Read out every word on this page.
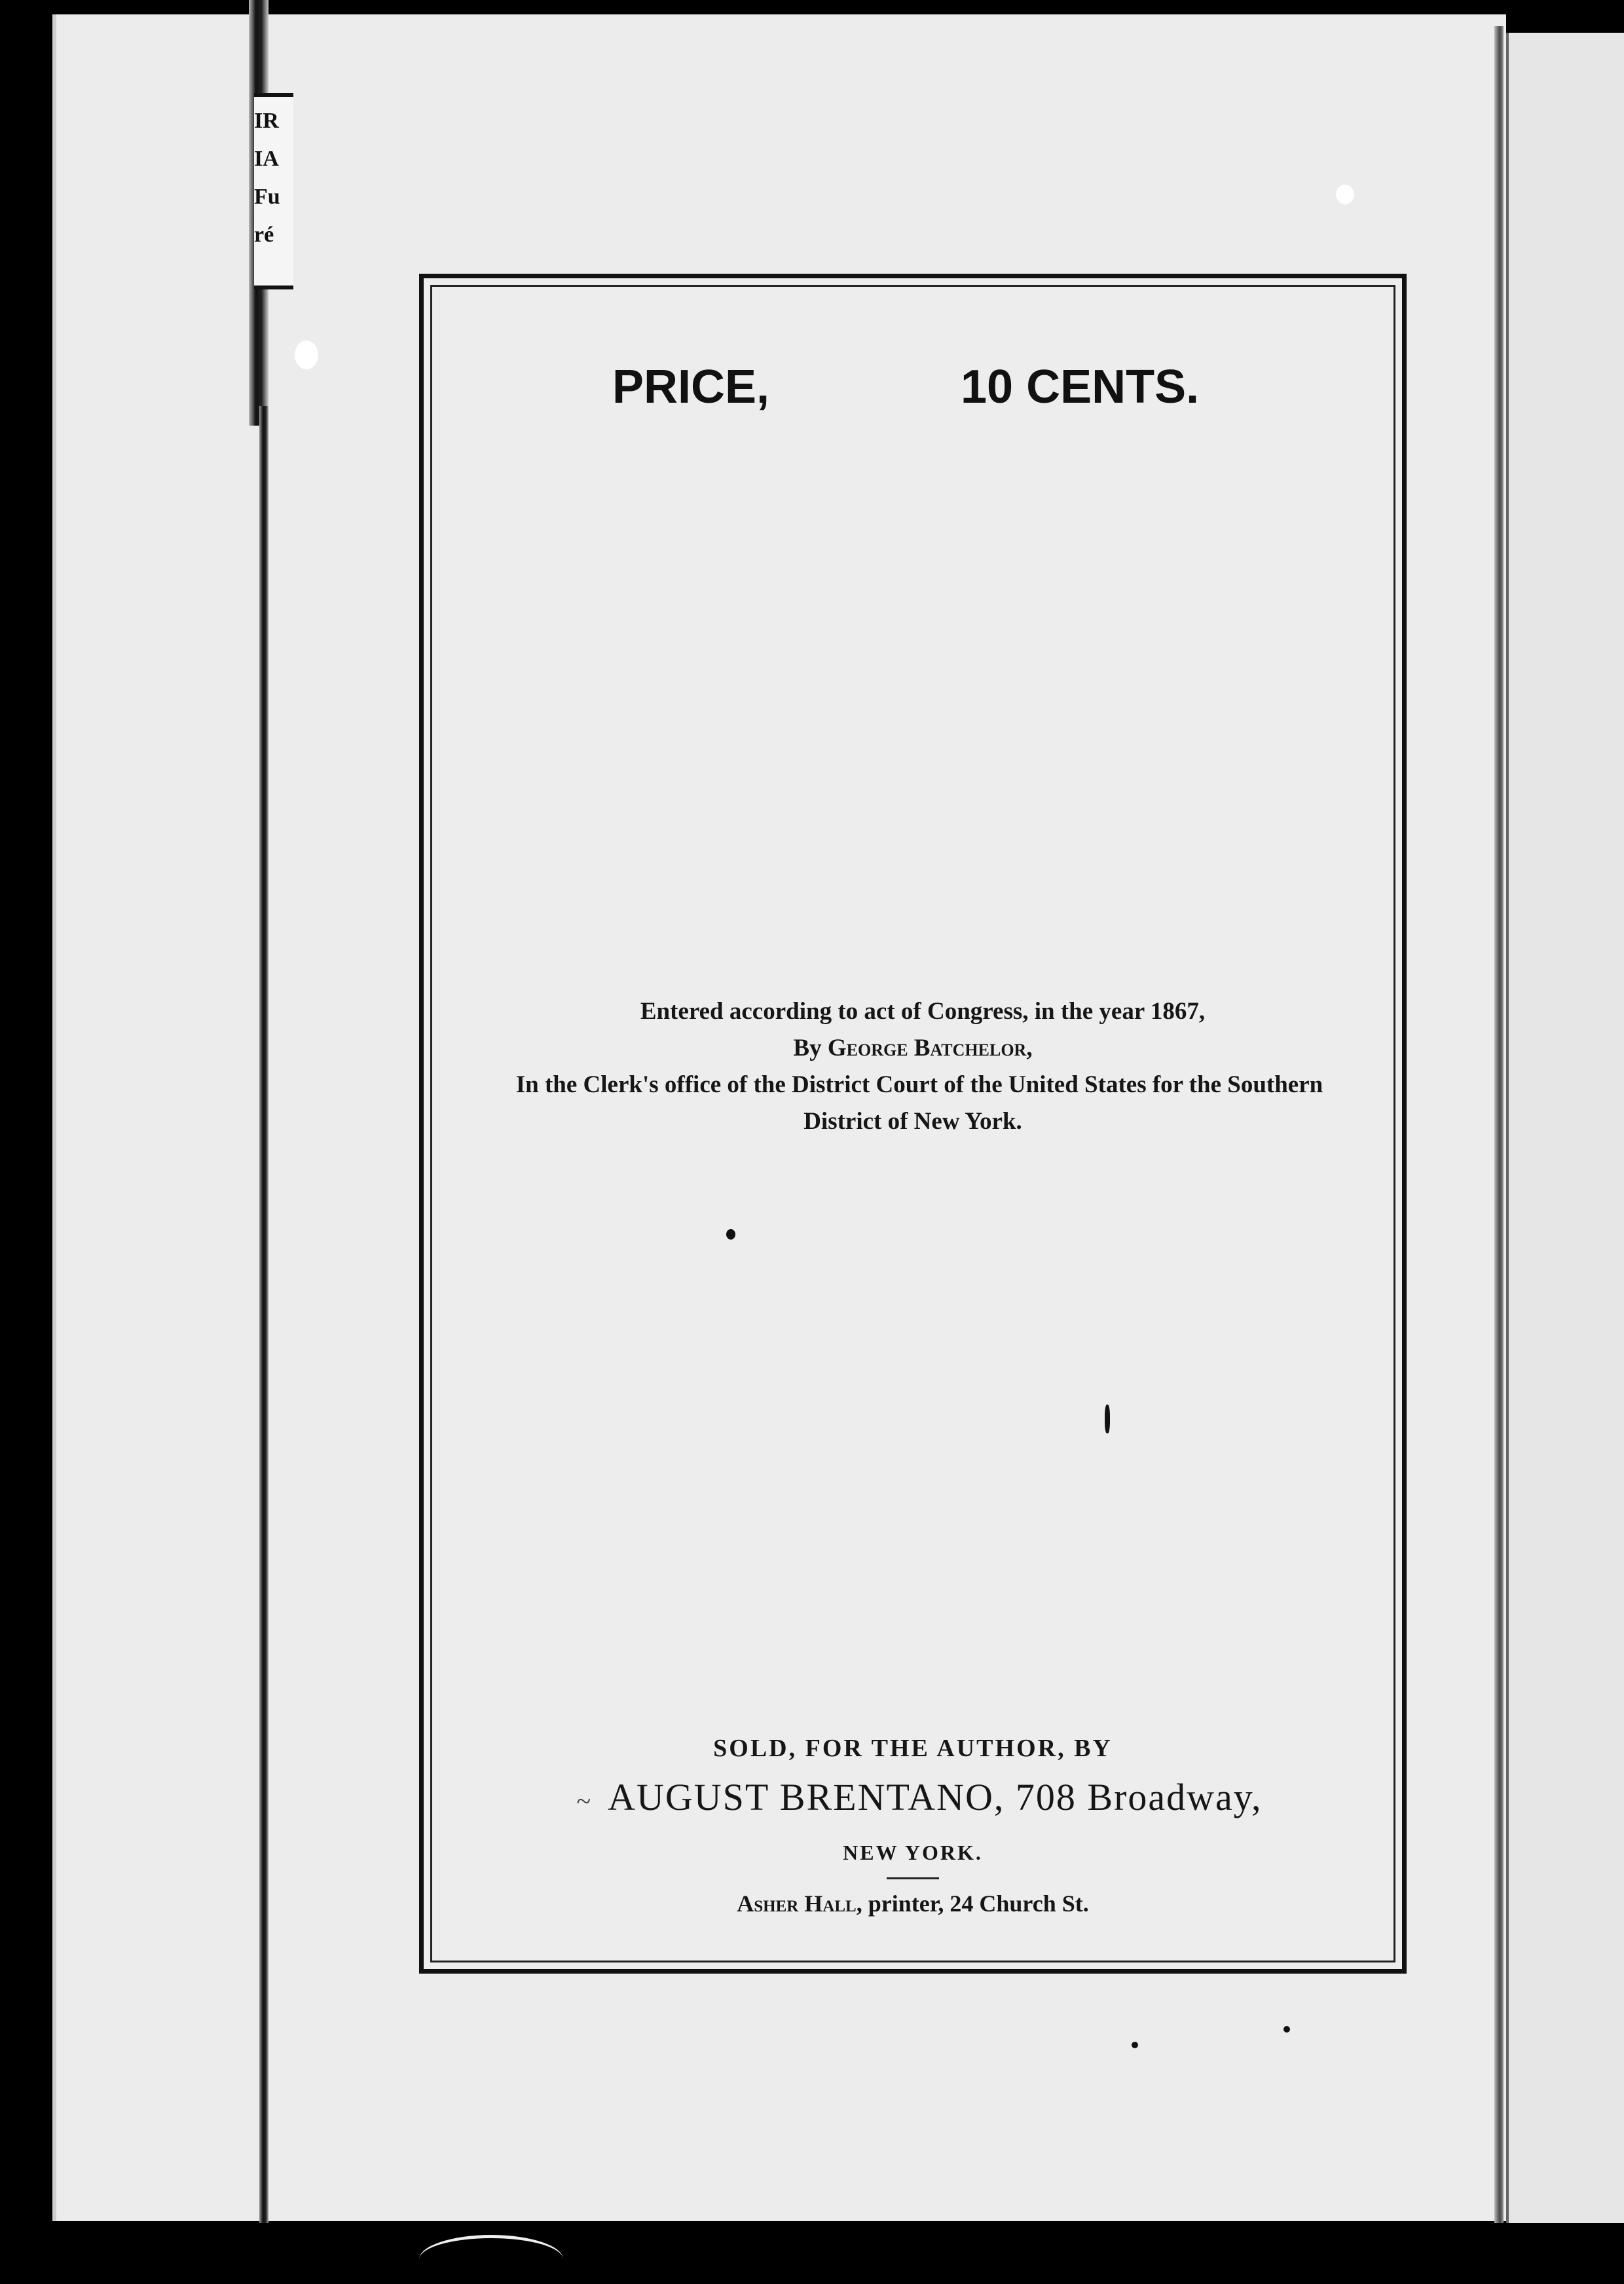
IR
IA
Fu
ré
PRICE,	10 CENTS.
Entered according to act of Congress, in the year 1867,
By George Batchelor,
In the Clerk's office of the District Court of the United States for the Southern
District of New York.
SOLD, FOR THE AUTHOR, BY
~ AUGUST BRENTANO, 708 Broadway,
NEW YORK.
Asher Hall, printer, 24 Church St.
